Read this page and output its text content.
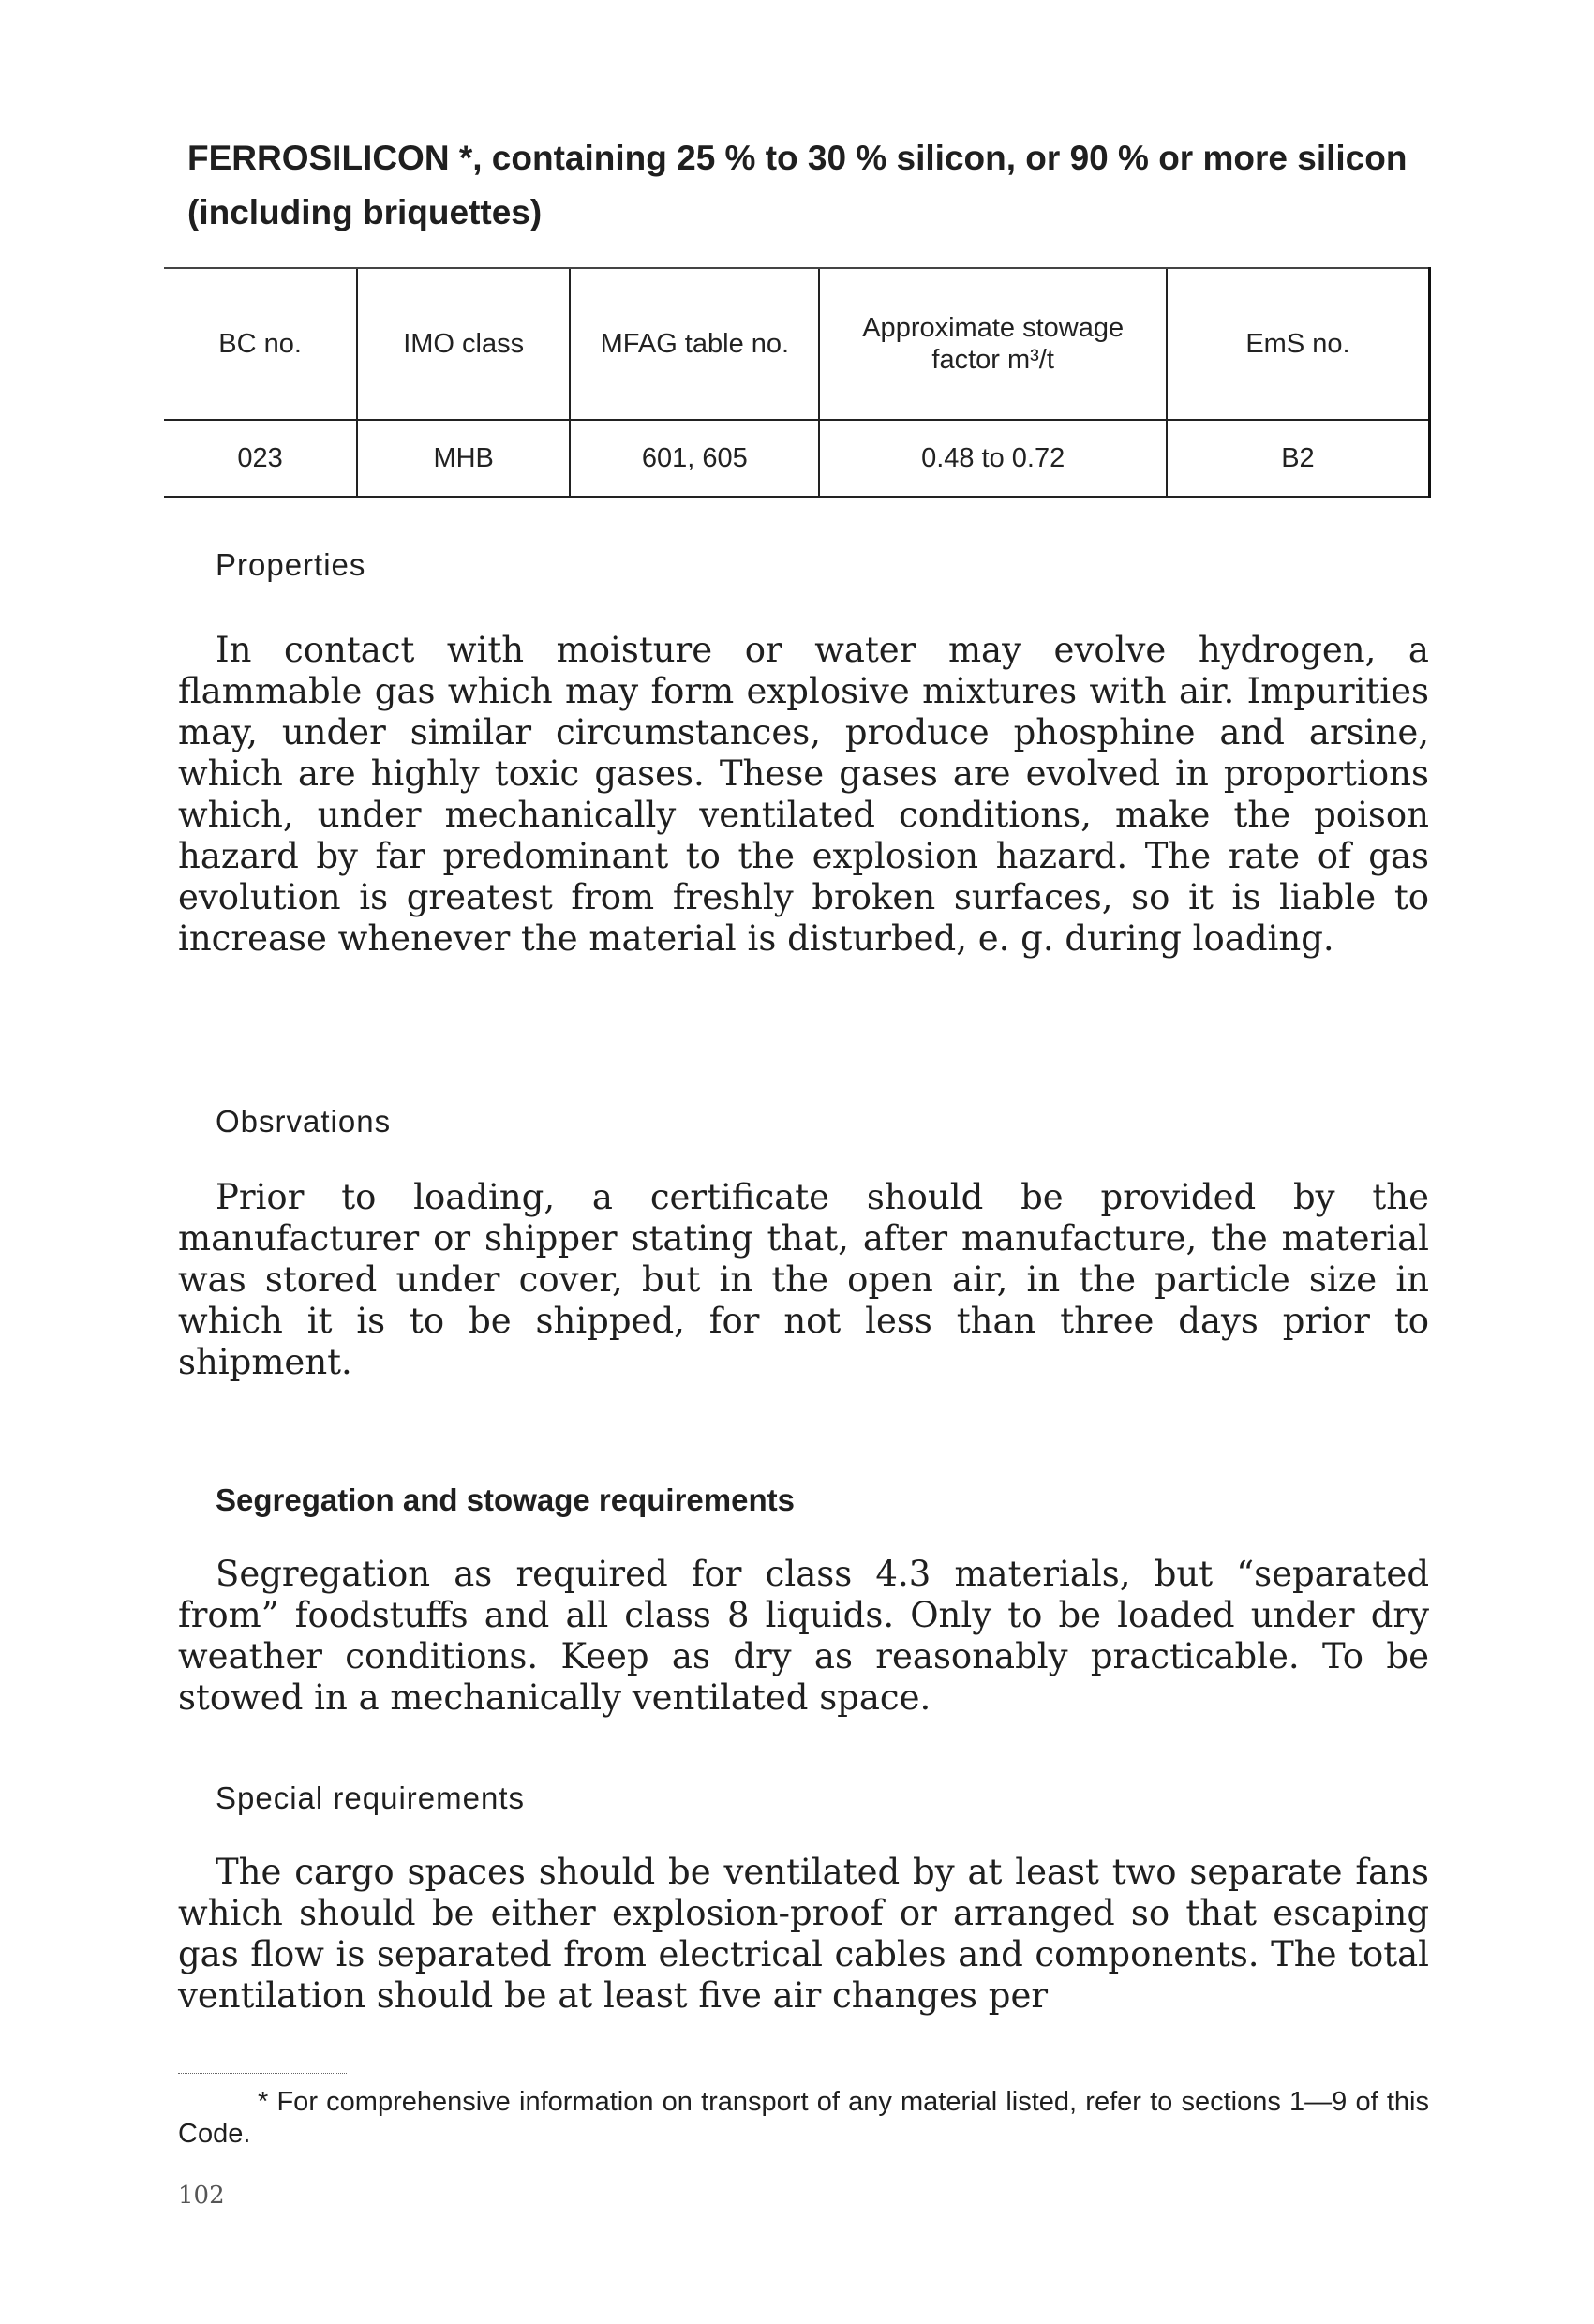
FERROSILICON *, containing 25 % to 30 % silicon, or 90 % or more silicon (including briquettes)
BC no.	IMO class	MFAG table no.	Approximate stowage factor m³/t	EmS no.
023	MHB	601, 605	0.48 to 0.72	B2
Properties

In contact with moisture or water may evolve hydrogen, a flammable gas which may form explosive mixtures with air. Impurities may, under similar circumstances, produce phosphine and arsine, which are highly toxic gases. These gases are evolved in proportions which, under mechanically ventilated conditions, make the poison hazard by far predominant to the explosion hazard. The rate of gas evolution is greatest from freshly broken surfaces, so it is liable to increase whenever the material is disturbed, e. g. during loading.

Obsrvations

Prior to loading, a certificate should be provided by the manufacturer or shipper stating that, after manufacture, the material was stored under cover, but in the open air, in the particle size in which it is to be shipped, for not less than three days prior to shipment.

Segregation and stowage requirements

Segregation as required for class 4.3 materials, but “separated from” foodstuffs and all class 8 liquids. Only to be loaded under dry weather conditions. Keep as dry as reasonably practicable. To be stowed in a mechanically ventilated space.

Special requirements

The cargo spaces should be ventilated by at least two separate fans which should be either explosion-proof or arranged so that escaping gas flow is separated from electrical cables and components. The total ventilation should be at least five air changes per

* For comprehensive information on transport of any material listed, refer to sections 1—9 of this Code.

102
